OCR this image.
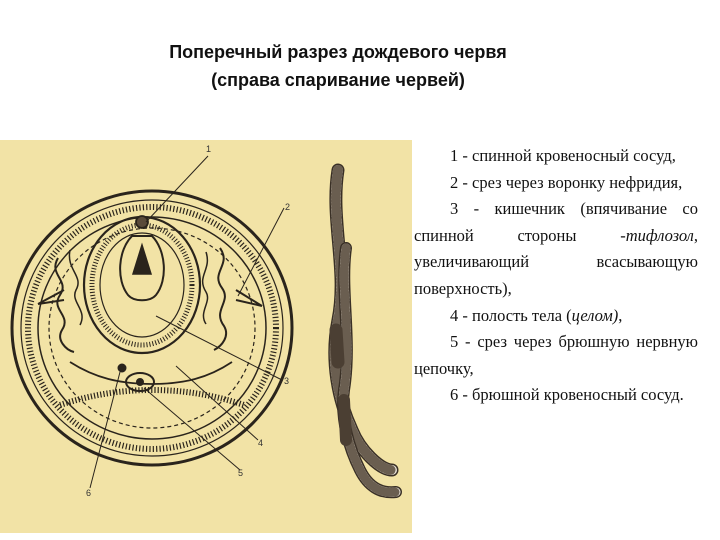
Поперечный разрез дождевого червя
(справа спаривание червей)
1
2
3
4
5
6

1 - спинной кровеносный сосуд,

2 - срез через воронку нефридия,

3 - кишечник (впячивание со спинной стороны -тифлозол, увеличивающий всасывающую поверхность),

4 - полость тела (целом),

5 - срез через брюшную нервную цепочку,

6 - брюшной кровеносный сосуд.
